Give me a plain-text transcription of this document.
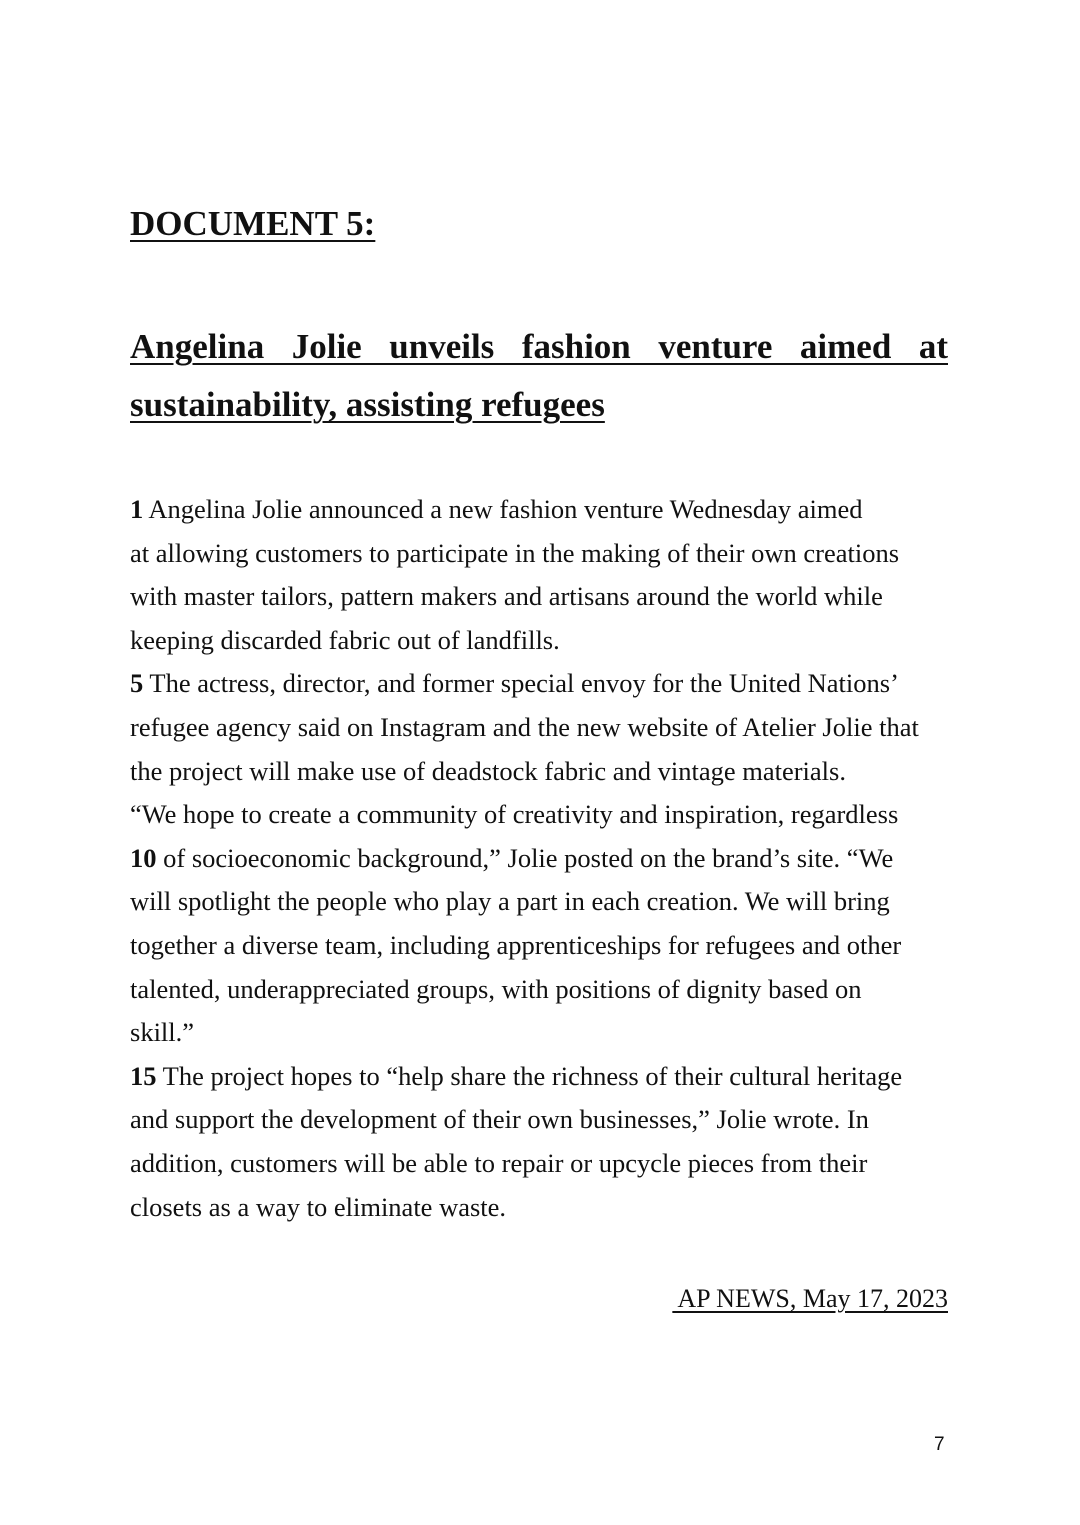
DOCUMENT 5:
Angelina Jolie unveils fashion venture aimed at
sustainability, assisting refugees
1 Angelina Jolie announced a new fashion venture Wednesday aimed
at allowing customers to participate in the making of their own creations
with master tailors, pattern makers and artisans around the world while
keeping discarded fabric out of landfills.
5 The actress, director, and former special envoy for the United Nations’
refugee agency said on Instagram and the new website of Atelier Jolie that
the project will make use of deadstock fabric and vintage materials.
“We hope to create a community of creativity and inspiration, regardless
10 of socioeconomic background,” Jolie posted on the brand’s site. “We
will spotlight the people who play a part in each creation. We will bring
together a diverse team, including apprenticeships for refugees and other
talented, underappreciated groups, with positions of dignity based on
skill.”
15 The project hopes to “help share the richness of their cultural heritage
and support the development of their own businesses,” Jolie wrote. In
addition, customers will be able to repair or upcycle pieces from their
closets as a way to eliminate waste.
AP NEWS, May 17, 2023
7
